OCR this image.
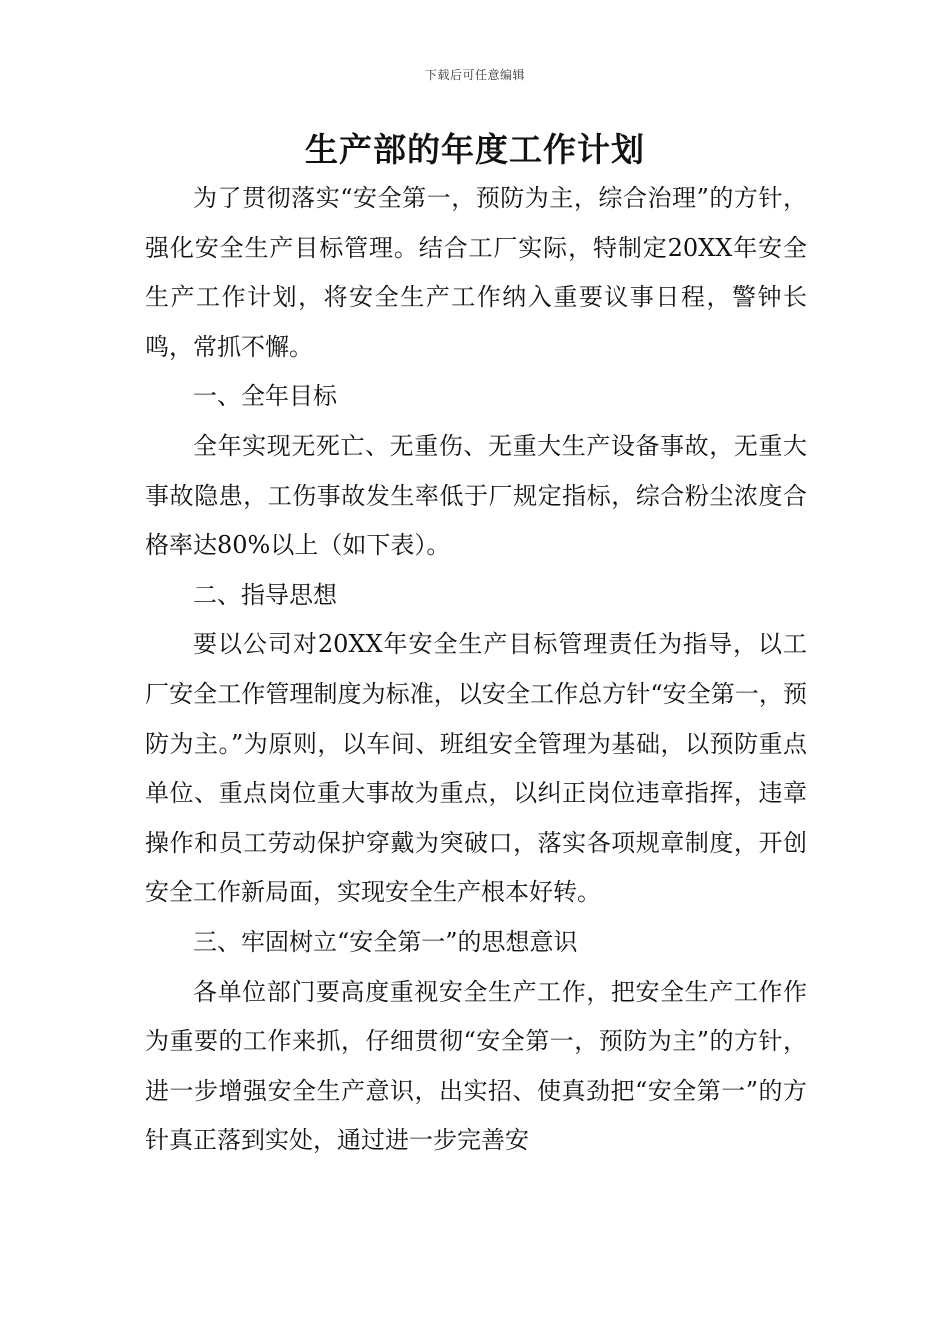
下载后可任意编辑
生产部的年度工作计划

为了贯彻落实“安全第一，预防为主，综合治理”的方针，强化安全生产目标管理。结合工厂实际，特制定20XX年安全生产工作计划，将安全生产工作纳入重要议事日程，警钟长鸣，常抓不懈。

一、全年目标

全年实现无死亡、无重伤、无重大生产设备事故，无重大事故隐患，工伤事故发生率低于厂规定指标，综合粉尘浓度合格率达80%以上（如下表）。

二、指导思想

要以公司对20XX年安全生产目标管理责任为指导，以工厂安全工作管理制度为标准，以安全工作总方针“安全第一，预防为主。”为原则，以车间、班组安全管理为基础，以预防重点单位、重点岗位重大事故为重点，以纠正岗位违章指挥，违章操作和员工劳动保护穿戴为突破口，落实各项规章制度，开创安全工作新局面，实现安全生产根本好转。

三、牢固树立“安全第一”的思想意识

各单位部门要高度重视安全生产工作，把安全生产工作作为重要的工作来抓，仔细贯彻“安全第一，预防为主”的方针，进一步增强安全生产意识，出实招、使真劲把“安全第一”的方针真正落到实处，通过进一步完善安
